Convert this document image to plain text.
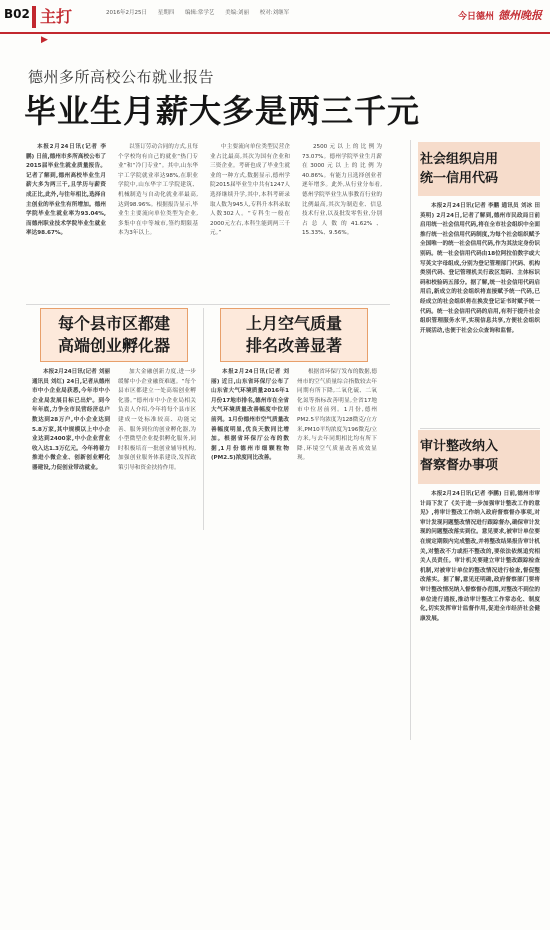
B02 主打▶
2016年2月25日 星期四 编辑:常学艺 美编:刘丽 校对:刘继军	今日德州 德州晚报
德州多所高校公布就业报告
毕业生月薪大多是两三千元

本报2月24日讯(记者 李鹏) 日前,德州市多所高校公布了2015届毕业生就业质量报告。记者了解到,德州高校毕业生月薪大多为两三千,且学历与薪资成正比,此外,与往年相比,选择自主创业的毕业生有所增加。德州学院毕业生就业率为93.04%,而德州职业技术学院毕业生就业率达98.67%。

以签订劳动合同的方式,且每个学校均有自己的就业“热门专业”和“冷门专业”。其中,山东华宇工学院就业率达98%,在职业学院中,山东华宇工学院建筑、机械制造与自动化就业率最高,达到98.96%。根据报告显示,毕业生主要流向单位类型为企业,多集中在中等城市,签约期限基本为3年以上。

中主要流向单位类型民营企业占比最高,其次为国有企业和三资企业。考研也成了毕业生就业的一种方式,数据显示,德州学院2015届毕业生中共有1247人选择继续升学,其中,本科考研录取人数为945人,专科升本科录取人数302人。“专科生一般在2000元左右,本科生能到两三千元。”

2500元以上的比例为73.07%。德州学院毕业生月薪在3000元以上的比例为40.86%。有能力且选择创业者逐年增多。此外,从行业分布看,德州学院毕业生从事教育行业的比例最高,其次为制造业、信息技术行业,以及批发零售业,分别占总人数的41.62%、15.33%、9.56%。

每个县市区都建
高端创业孵化器

本报2月24日讯(记者 刘丽 通讯员 刘红) 24日,记者从德州市中小企业局获悉,今年市中小企业局发展目标已出炉。到今年年底,力争全市民营经济总户数达到28万户,中小企业达到5.8万家,其中规模以上中小企业达到2400家,中小企业营业收入达1.3万亿元。今年将着力推进小微企业、创新创业孵化器建设,力促创业带动就业。

加大金融创新力度,进一步缓解中小企业融资难题。“每个县市区都建立一处高端创业孵化器。”德州市中小企业局相关负责人介绍,今年将每个县市区建成一处标准较高、功能完善、服务到位的创业孵化器,为小型微型企业提供孵化服务,同时积极培育一批创业辅导机构,加强创业服务体系建设,发挥政策引导和资金扶持作用。

上月空气质量
排名改善显著

本报2月24日讯(记者 刘丽) 近日,山东省环保厅公布了山东省大气环境质量2016年1月份17地市排名,德州市在全省大气环境质量改善幅度中位居前列。1月份德州市空气质量改善幅度明显,优良天数同比增加。根据省环保厅公布的数据,1月份德州市细颗粒物(PM2.5)浓度同比改善。

根据省环保厅发布的数据,德州市的空气质量综合指数较去年同期有所下降,二氧化硫、二氧化氮等指标改善明显,全省17地市中位居前列。1月份,德州PM2.5平均浓度为128微克/立方米,PM10平均浓度为196微克/立方米,与去年同期相比均有所下降,环境空气质量改善成效显现。

社会组织启用
统一信用代码

本报2月24日讯(记者 李鹏 通讯员 刘冰 田英明) 2月24日,记者了解到,德州市民政局日前启用统一社会信用代码,将在全市社会组织中全面推行统一社会信用代码制度,为每个社会组织赋予全国唯一的统一社会信用代码,作为其法定身份识别码。统一社会信用代码由18位阿拉伯数字或大写英文字母组成,分别为登记管理部门代码、机构类别代码、登记管理机关行政区划码、主体标识码和校验码五部分。据了解,统一社会信用代码启用后,新成立的社会组织将直接赋予统一代码,已经成立的社会组织将在换发登记证书时赋予统一代码。统一社会信用代码的启用,有利于提升社会组织管理服务水平,实现信息共享,方便社会组织开展活动,也便于社会公众查询和监督。

审计整改纳入
督察督办事项

本报2月24日讯(记者 李鹏) 日前,德州市审计局下发了《关于进一步加强审计整改工作的意见》,将审计整改工作纳入政府督察督办事项,对审计发现问题整改情况进行跟踪督办,确保审计发现的问题整改落实到位。意见要求,被审计单位要在规定期限内完成整改,并将整改结果报告审计机关,对整改不力或拒不整改的,要依法依规追究相关人员责任。审计机关要建立审计整改跟踪检查机制,对被审计单位的整改情况进行检查,督促整改落实。据了解,意见还明确,政府督察部门要将审计整改情况纳入督察督办范围,对整改不到位的单位进行通报,推动审计整改工作常态化、制度化,切实发挥审计监督作用,促进全市经济社会健康发展。
